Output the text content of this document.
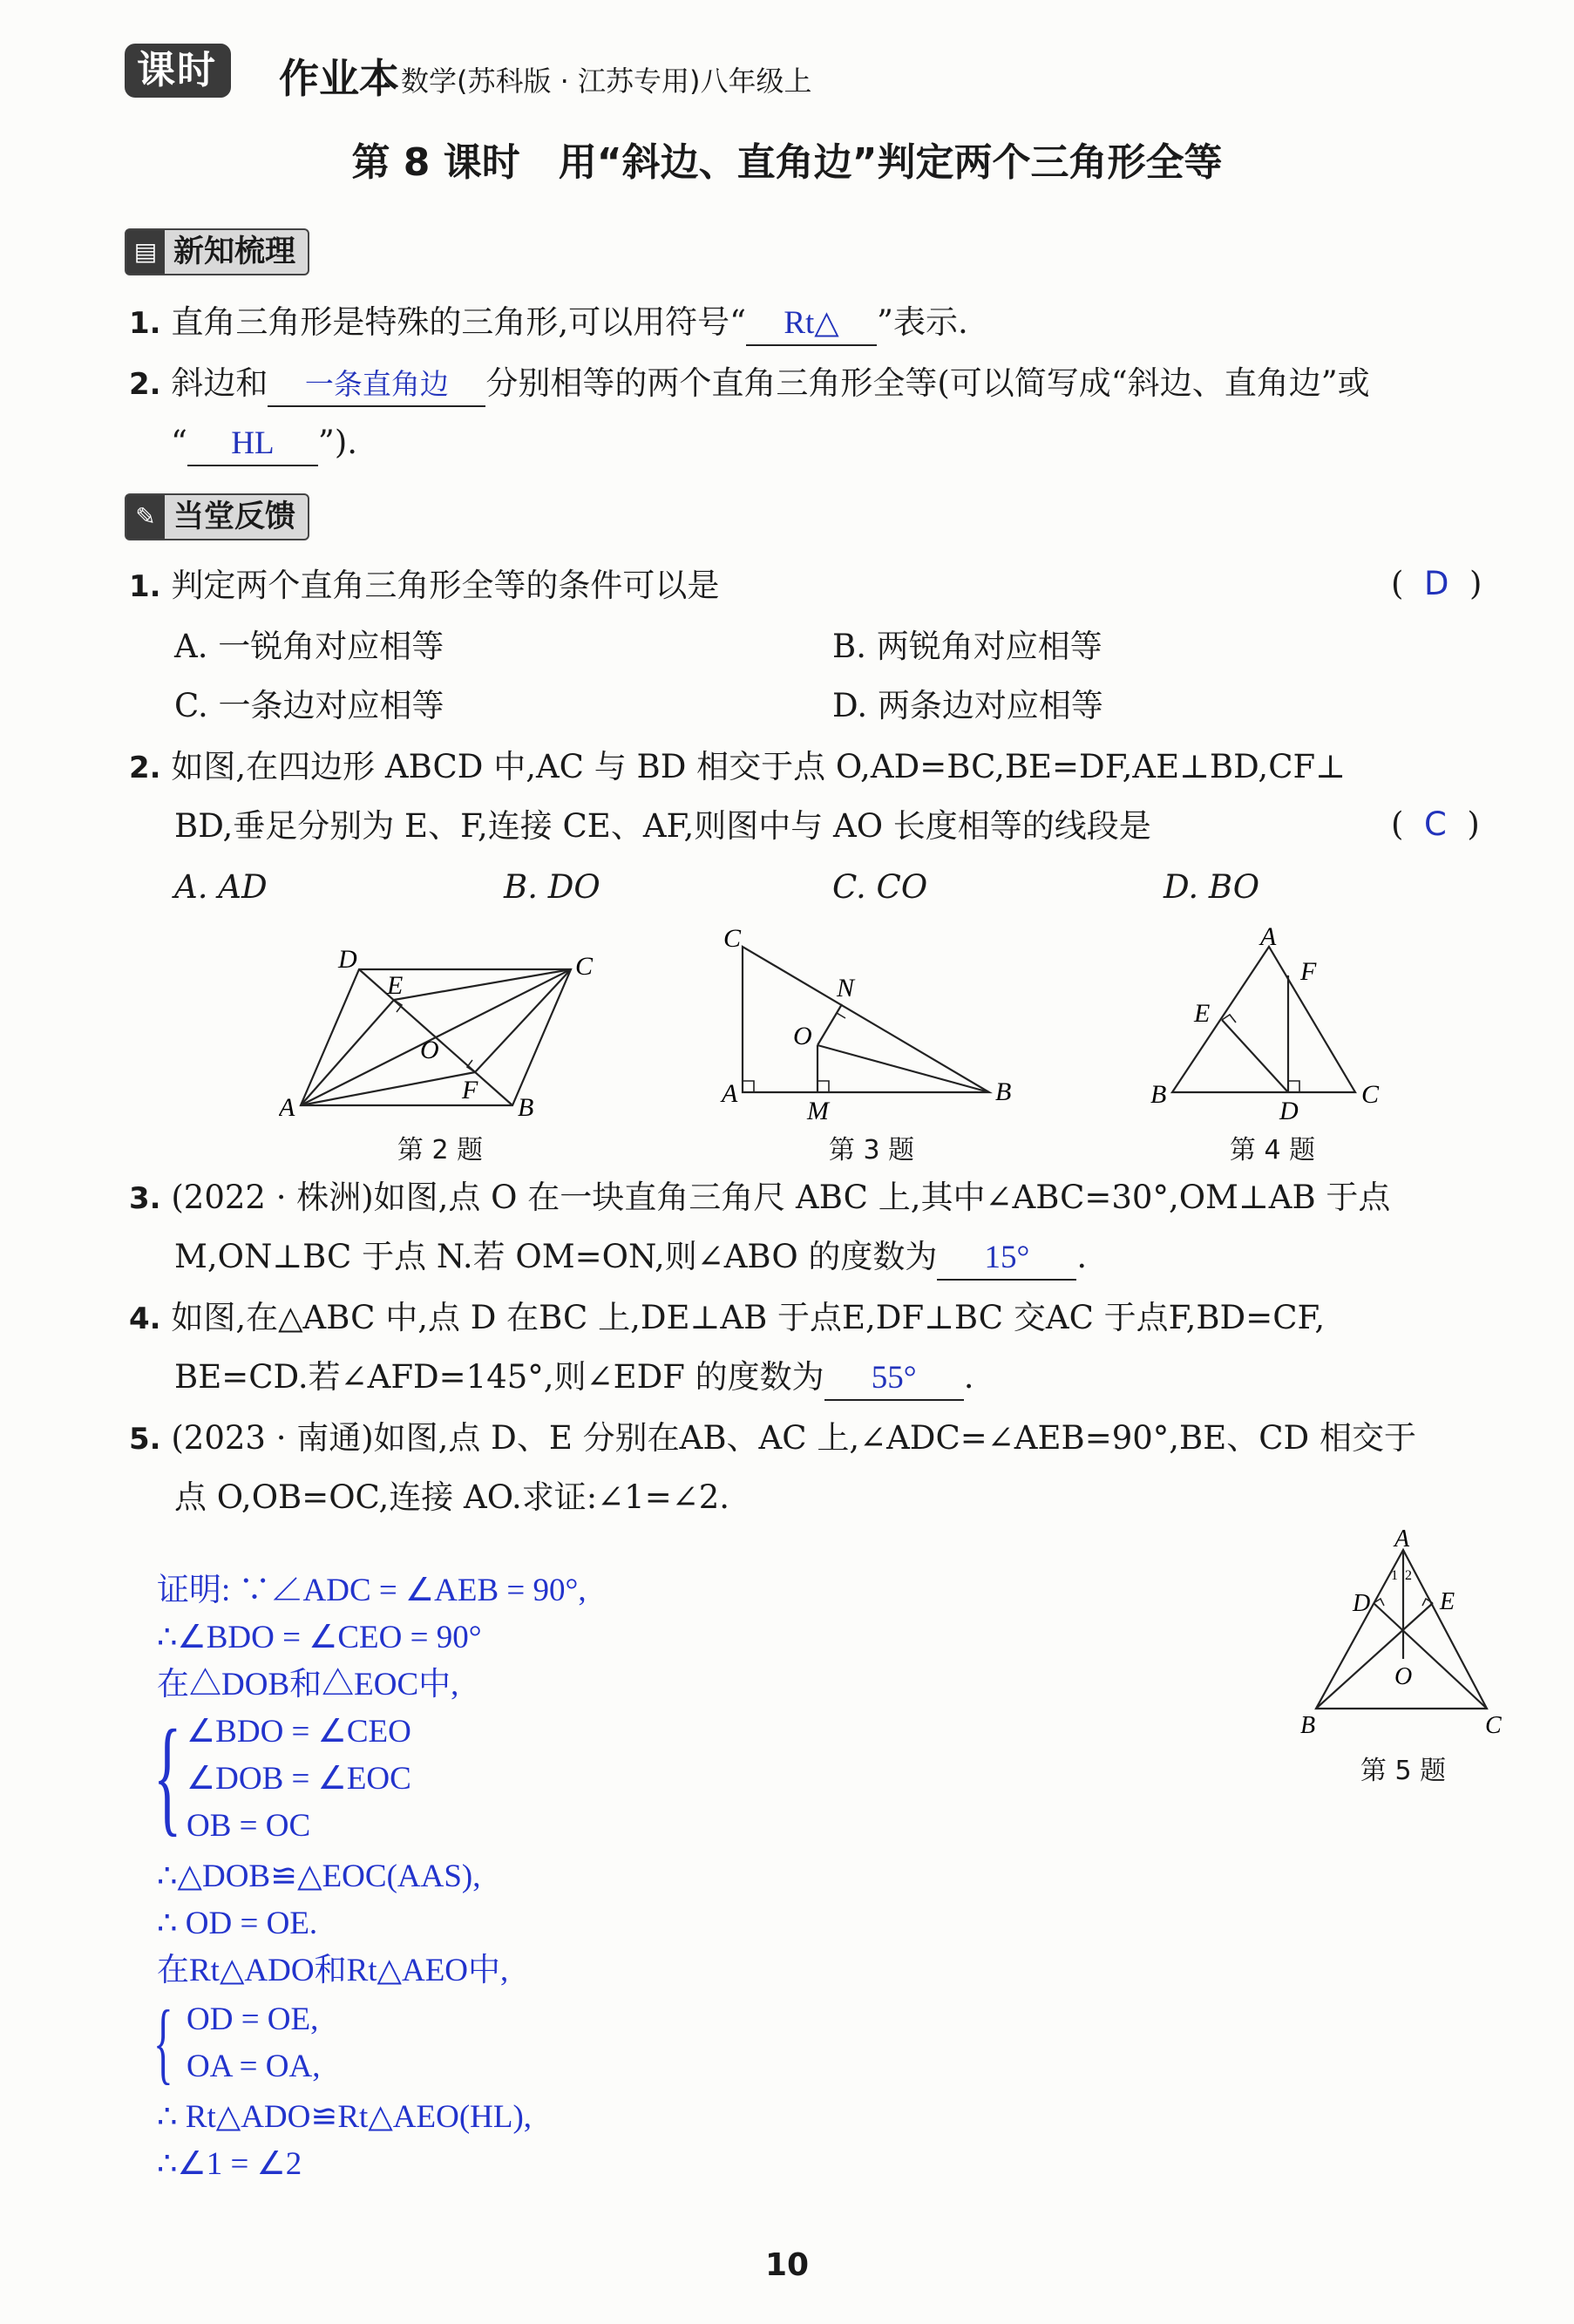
课时	作业本 数学(苏科版 · 江苏专用)八年级上
第 8 课时　用“斜边、直角边”判定两个三角形全等
▤ 新知梳理
1. 直角三角形是特殊的三角形,可以用符号“ Rt△ ”表示.
2. 斜边和 一条直角边 分别相等的两个直角三角形全等(可以简写成“斜边、直角边”或
“ HL ”).
✎ 当堂反馈
1. 判定两个直角三角形全等的条件可以是	(  D  )
A. 一锐角对应相等	B. 两锐角对应相等
C. 一条边对应相等	D. 两条边对应相等
2. 如图,在四边形 ABCD 中,AC 与 BD 相交于点 O,AD=BC,BE=DF,AE⊥BD,CF⊥
BD,垂足分别为 E、F,连接 CE、AF,则图中与 AO 长度相等的线段是	(  C  )
A. AD	B. DO	C. CO	D. BO
D
E
C
O
F
A	B
第 2 题
C
N
O
A
M
B
第 3 题
A
F
E
B
D
C
第 4 题
3. (2022 · 株洲)如图,点 O 在一块直角三角尺 ABC 上,其中∠ABC=30°,OM⊥AB 于点
M,ON⊥BC 于点 N.若 OM=ON,则∠ABO 的度数为 15° .
4. 如图,在△ABC 中,点 D 在BC 上,DE⊥AB 于点E,DF⊥BC 交AC 于点F,BD=CF,
BE=CD.若∠AFD=145°,则∠EDF 的度数为 55° .
5. (2023 · 南通)如图,点 D、E 分别在AB、AC 上,∠ADC=∠AEB=90°,BE、CD 相交于
点 O,OB=OC,连接 AO.求证:∠1=∠2.
A
1 2
D	E
O
B	C
第 5 题
证明: ∵∠ADC = ∠AEB = 90°,
∴∠BDO = ∠CEO = 90°
在△DOB和△EOC中,
{ ∠BDO = ∠CEO
∠DOB = ∠EOC
OB = OC
∴△DOB≌△EOC(AAS),
∴ OD = OE.
在Rt△ADO和Rt△AEO中,
{ OD = OE,
OA = OA,
∴ Rt△ADO≌Rt△AEO(HL),
∴∠1 = ∠2
10
